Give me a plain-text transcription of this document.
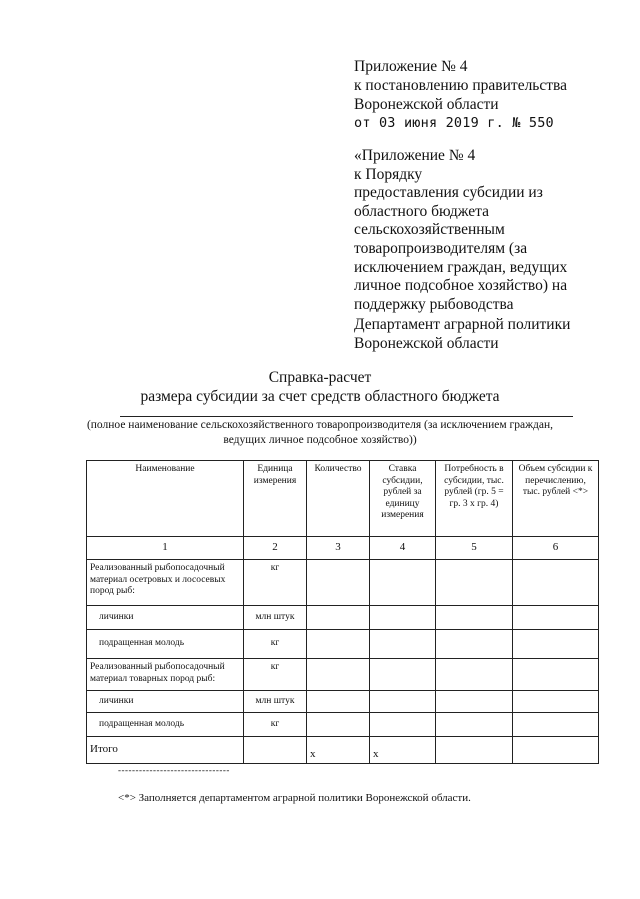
Приложение № 4
к постановлению правительства
Воронежской области
от 03 июня 2019 г. № 550
«Приложение № 4
к Порядку
предоставления субсидии из
областного бюджета
сельскохозяйственным
товаропроизводителям (за
исключением граждан, ведущих
личное подсобное хозяйство) на
поддержку рыбоводства
Департамент аграрной политики
Воронежской области
Справка-расчет
размера субсидии за счет средств областного бюджета
(полное наименование сельскохозяйственного товаропроизводителя (за исключением граждан,
ведущих личное подсобное хозяйство))
Наименование	Единица измерения	Количество	Ставка субсидии, рублей за единицу измерения	Потребность в субсидии, тыс. рублей (гр. 5 = гр. 3 x гр. 4)	Объем субсидии к перечислению, тыс. рублей <*>
1	2	3	4	5	6
Реализованный рыбопосадочный материал осетровых и лососевых пород рыб:	кг				
личинки	млн штук				
подращенная молодь	кг				
Реализованный рыбопосадочный материал товарных пород рыб:	кг				
личинки	млн штук				
подращенная молодь	кг				
Итого		x	x		
--------------------------------
<*> Заполняется департаментом аграрной политики Воронежской области.
